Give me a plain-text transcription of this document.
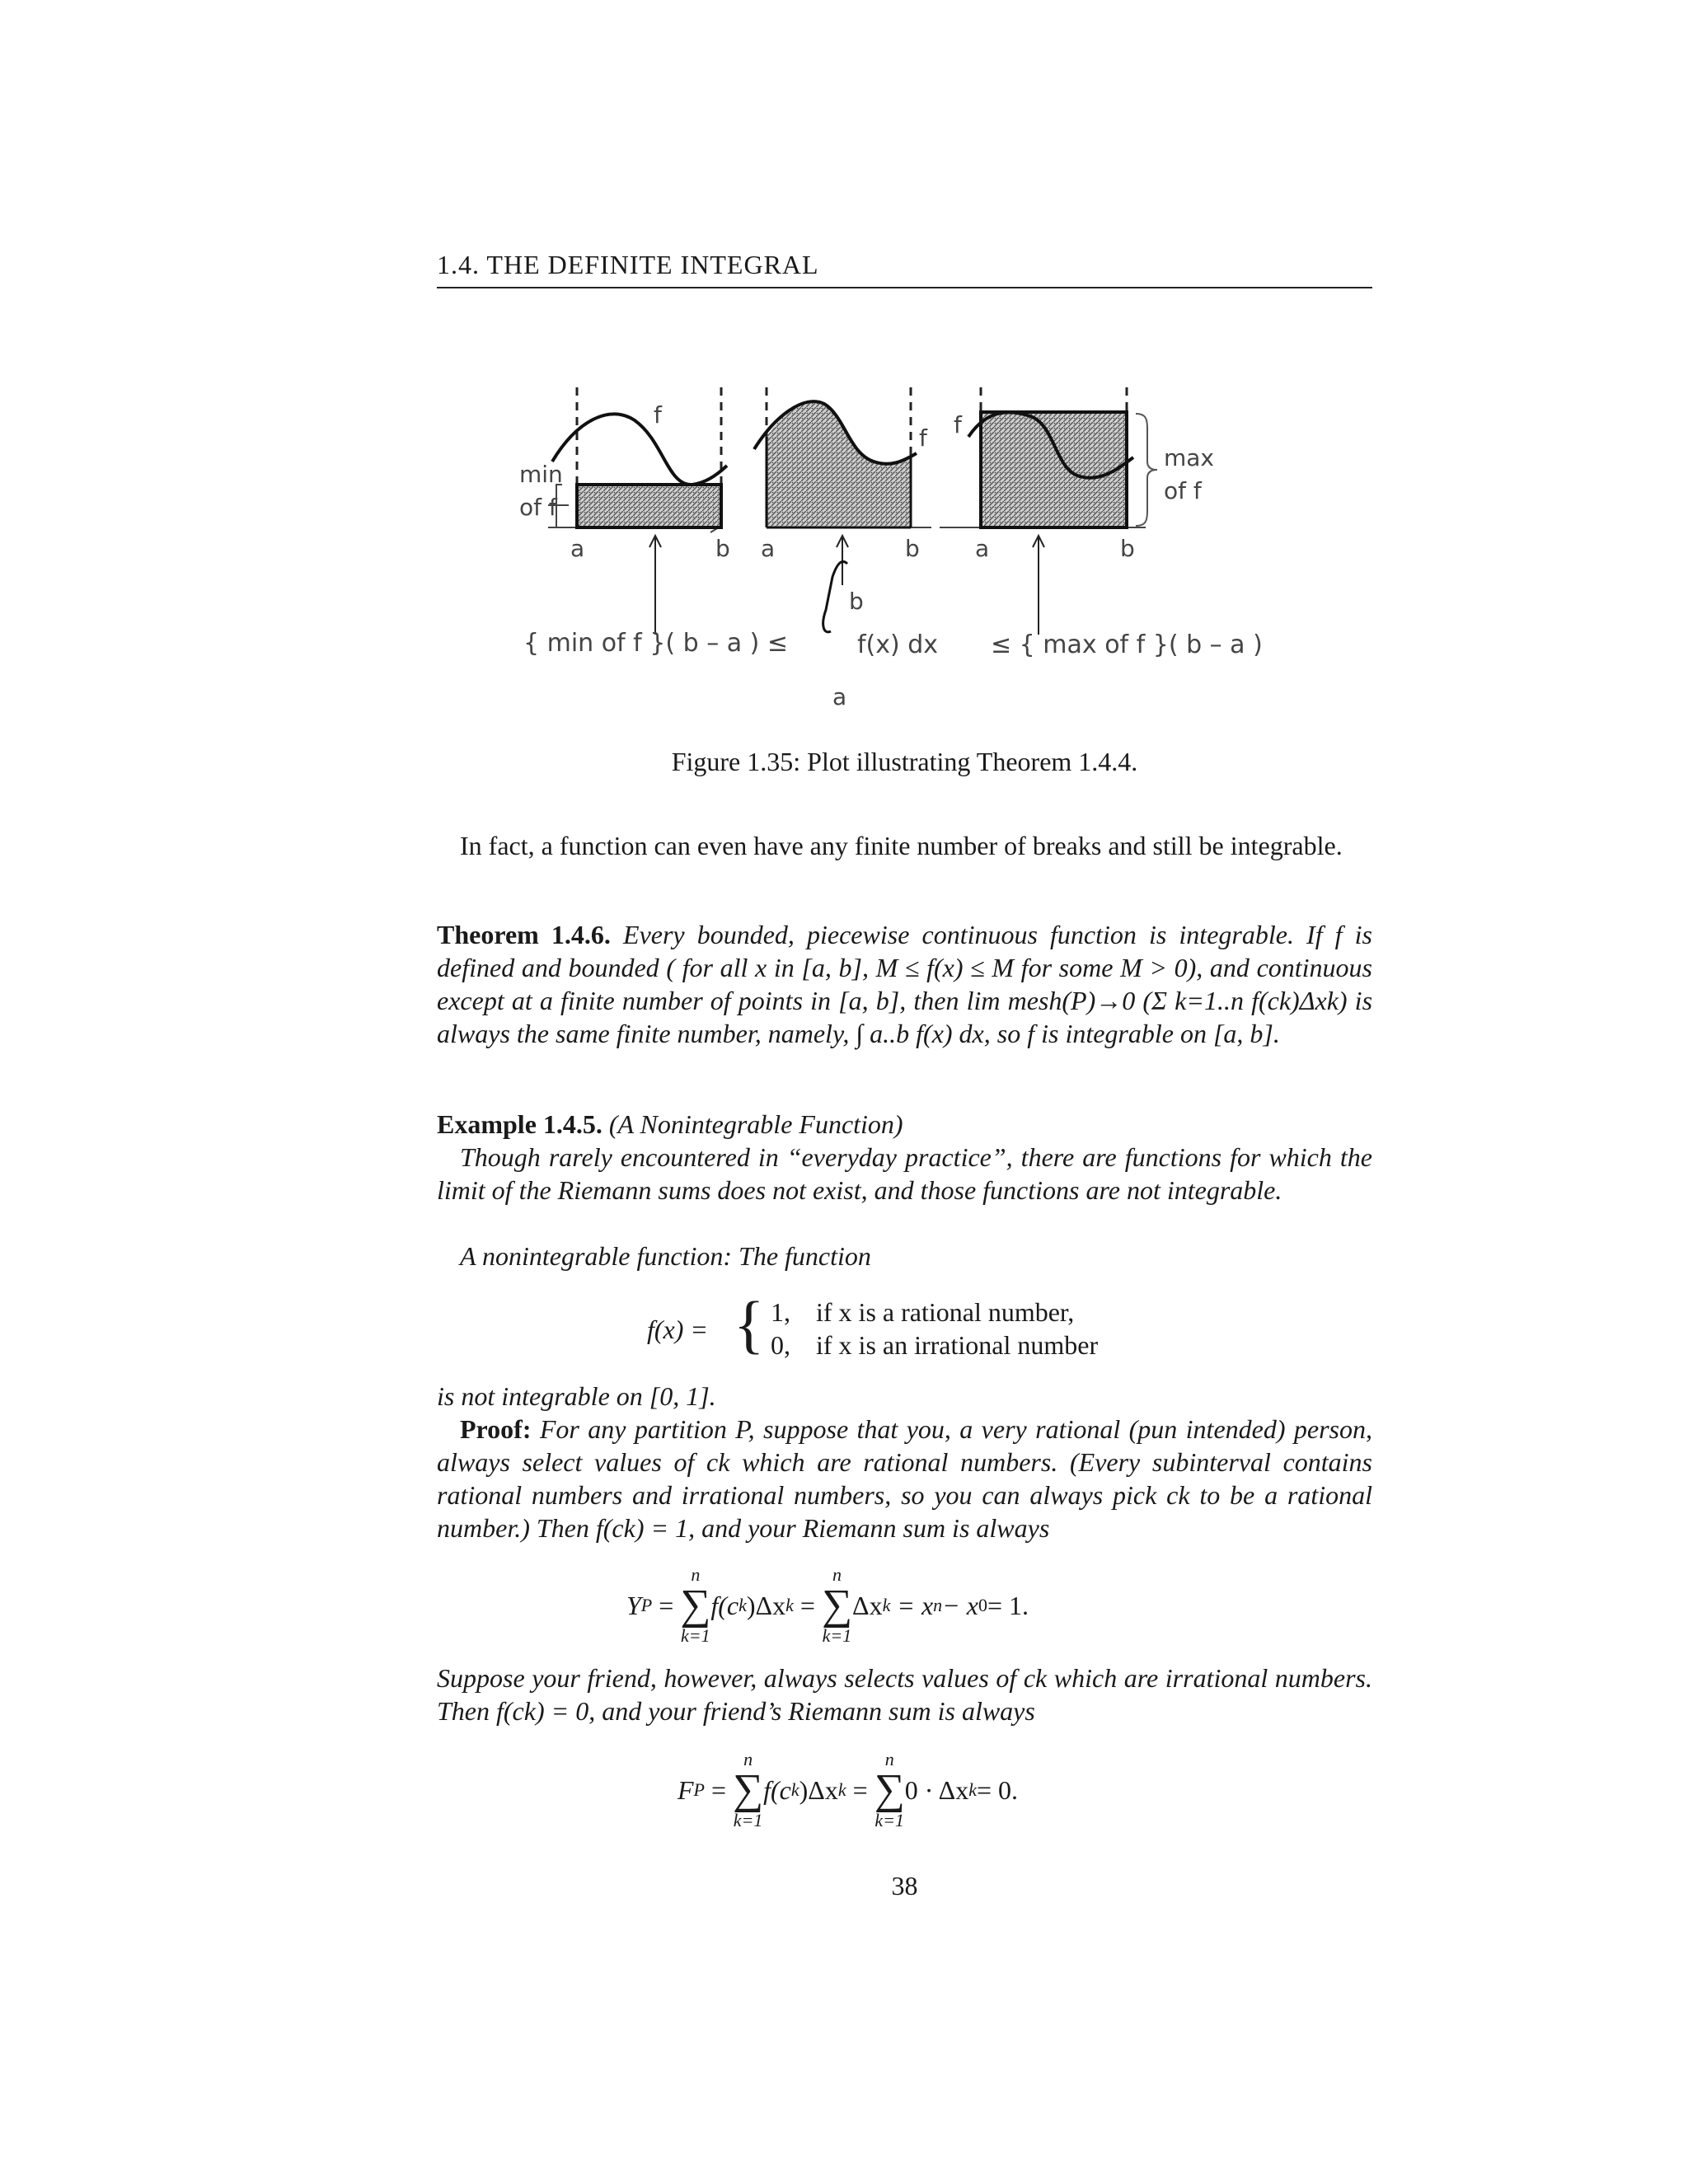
1.4. THE DEFINITE INTEGRAL
min
of f
f
a	b a	b
f f
a	b
max
of f
{ min of f }( b – a ) ≤
b
f(x) dx
a
≤ { max of f }( b – a )
Figure 1.35: Plot illustrating Theorem 1.4.4.
In fact, a function can even have any finite number of breaks and still be integrable.
Theorem 1.4.6. Every bounded, piecewise continuous function is integrable. If f is defined and bounded ( for all x in [a, b], M ≤ f(x) ≤ M for some M > 0), and continuous except at a finite number of points in [a, b], then lim mesh(P)→0 (Σ k=1..n f(ck)Δxk) is always the same finite number, namely, ∫ a..b f(x) dx, so f is integrable on [a, b].
Example 1.4.5. (A Nonintegrable Function)
Though rarely encountered in “everyday practice”, there are functions for which the limit of the Riemann sums does not exist, and those functions are not integrable.
A nonintegrable function: The function
f(x) = { 1, if x is a rational number,
0, if x is an irrational number
is not integrable on [0, 1].
Proof: For any partition P, suppose that you, a very rational (pun intended) person, always select values of ck which are rational numbers. (Every subinterval contains rational numbers and irrational numbers, so you can always pick ck to be a rational number.) Then f(ck) = 1, and your Riemann sum is always
Y P =
n
∑
k=1
f(c k )Δx k =
n
∑
k=1
Δx k
= x n − x 0 = 1.
Suppose your friend, however, always selects values of ck which are irrational numbers. Then f(ck) = 0, and your friend’s Riemann sum is always
F P =
n
∑
k=1
f(c k )Δx k =
n
∑
k=1
0 · Δx k = 0.
38
